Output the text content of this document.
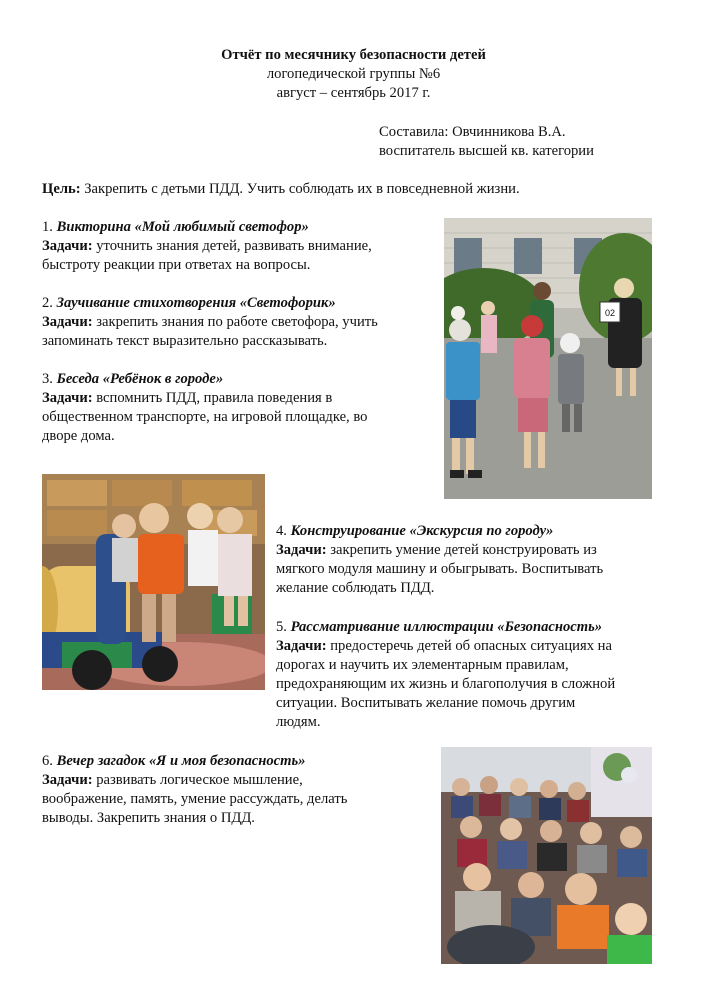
Отчёт по месячнику безопасности детей
логопедической группы №6
август – сентябрь 2017 г.
Составила: Овчинникова В.А.
воспитатель высшей кв. категории
Цель: Закрепить с детьми ПДД. Учить соблюдать их в повседневной жизни.
1. Викторина «Мой любимый светофор»
Задачи: уточнить знания детей, развивать внимание,
быстроту реакции при ответах на вопросы.
2. Заучивание стихотворения «Светофорик»
Задачи: закрепить знания по работе светофора, учить
запоминать текст выразительно рассказывать.
3. Беседа «Ребёнок в городе»
Задачи: вспомнить ПДД, правила поведения в
общественном транспорте, на игровой площадке, во
дворе дома.
4. Конструирование «Экскурсия по городу»
Задачи: закрепить умение детей конструировать из
мягкого модуля машину и обыгрывать. Воспитывать
желание соблюдать ПДД.
5. Рассматривание иллюстрации «Безопасность»
Задачи: предостеречь детей об опасных ситуациях на
дорогах и научить их элементарным правилам,
предохраняющим их жизнь и благополучия в сложной
ситуации. Воспитывать желание помочь другим
людям.
6. Вечер загадок «Я и моя безопасность»
Задачи: развивать логическое мышление,
воображение, память, умение рассуждать, делать
выводы. Закрепить знания о ПДД.
02
